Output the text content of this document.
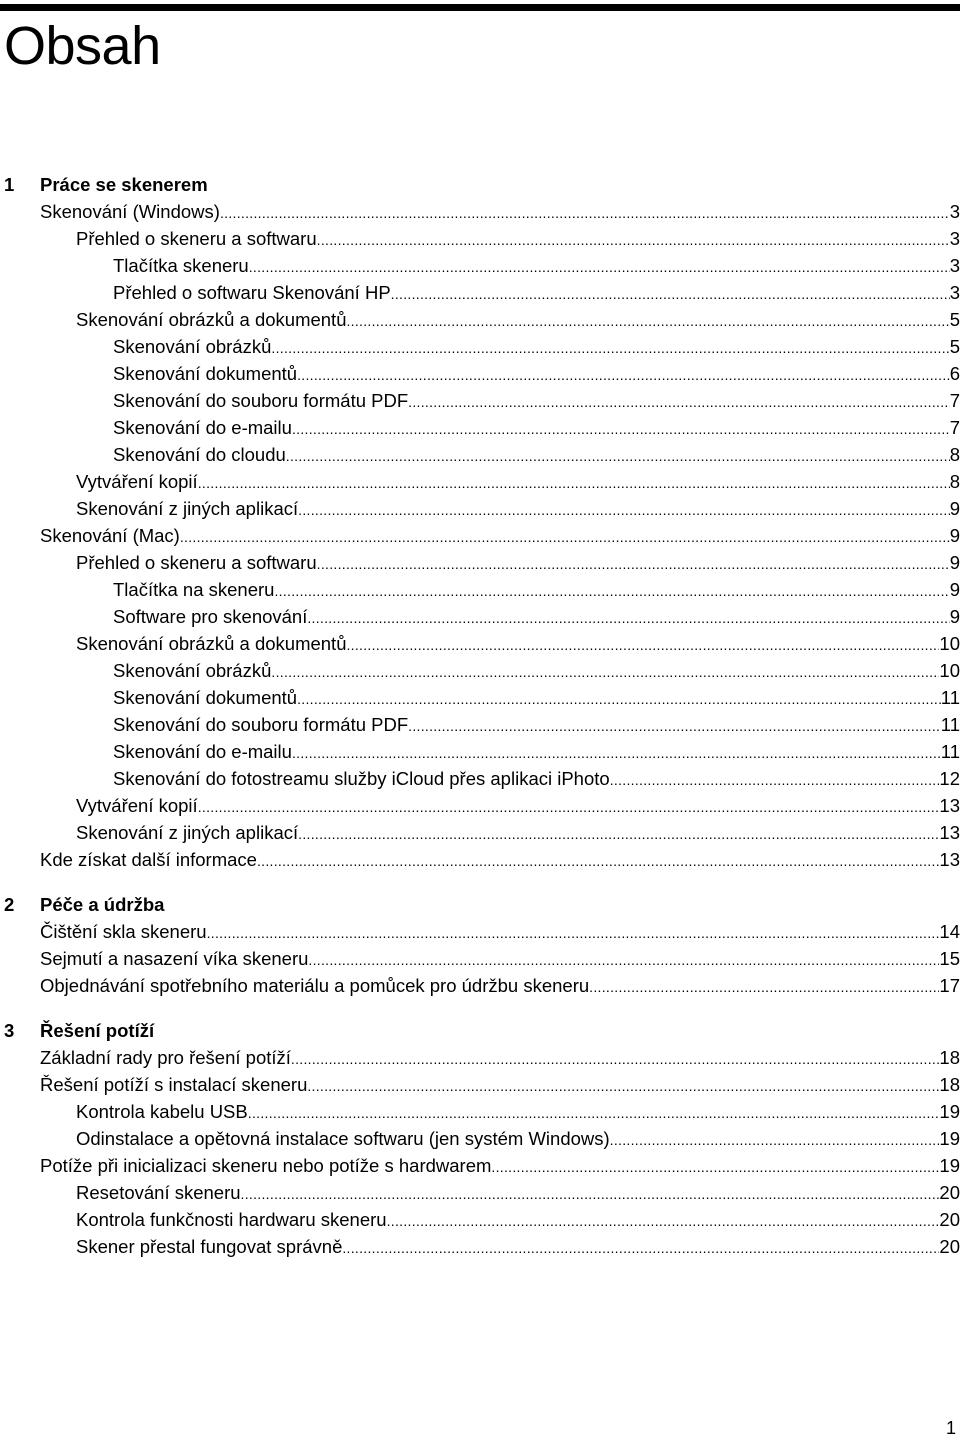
Obsah
1 Práce se skenerem
Skenování (Windows) .....	3
Přehled o skeneru a softwaru .....	3
Tlačítka skeneru .....	3
Přehled o softwaru Skenování HP .....	3
Skenování obrázků a dokumentů .....	5
Skenování obrázků .....	5
Skenování dokumentů .....	6
Skenování do souboru formátu PDF .....	7
Skenování do e-mailu .....	7
Skenování do cloudu .....	8
Vytváření kopií .....	8
Skenování z jiných aplikací .....	9
Skenování (Mac) .....	9
Přehled o skeneru a softwaru .....	9
Tlačítka na skeneru .....	9
Software pro skenování .....	9
Skenování obrázků a dokumentů .....	10
Skenování obrázků .....	10
Skenování dokumentů .....	11
Skenování do souboru formátu PDF .....	11
Skenování do e-mailu .....	11
Skenování do fotostreamu služby iCloud přes aplikaci iPhoto .....	12
Vytváření kopií .....	13
Skenování z jiných aplikací .....	13
Kde získat další informace .....	13
2 Péče a údržba
Čištění skla skeneru .....	14
Sejmutí a nasazení víka skeneru .....	15
Objednávání spotřebního materiálu a pomůcek pro údržbu skeneru .....	17
3 Řešení potíží
Základní rady pro řešení potíží .....	18
Řešení potíží s instalací skeneru .....	18
Kontrola kabelu USB .....	19
Odinstalace a opětovná instalace softwaru (jen systém Windows) .....	19
Potíže při inicializaci skeneru nebo potíže s hardwarem .....	19
Resetování skeneru .....	20
Kontrola funkčnosti hardwaru skeneru .....	20
Skener přestal fungovat správně .....	20
1
